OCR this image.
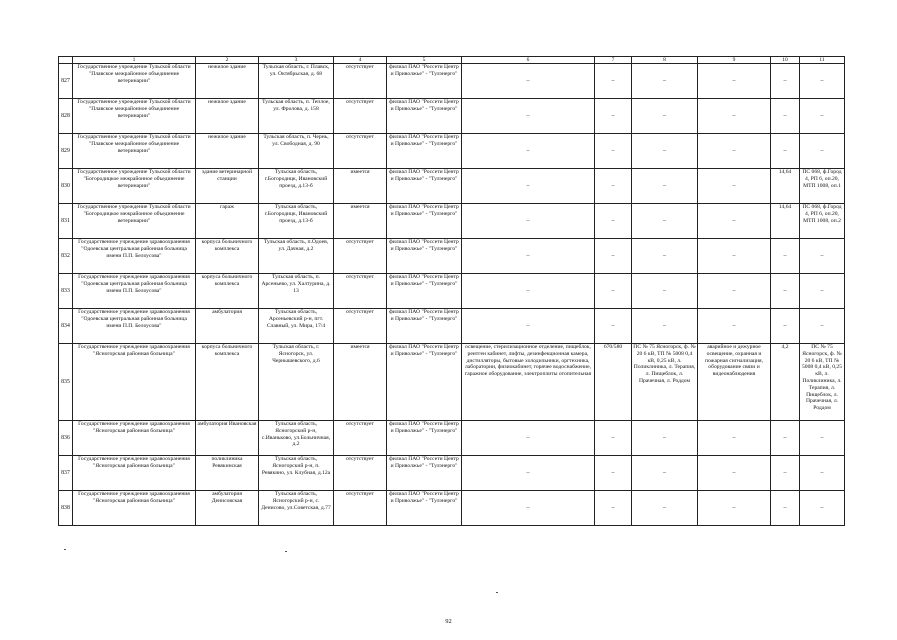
	1	2	3	4	5	6	7	8	9	10	11
827	Государственное учреждение Тульской области "Плавское межрайонное объединение ветеринарии"	нежилое здание	Тульская область, г. Плавск, ул. Октябрьская, д. 68	отсутствует	филиал ПАО "Россети Центр и Приволжье" - "Тулэнерго"	–	–	–	–	–	–
828	Государственное учреждение Тульской области "Плавское межрайонное объединение ветеринарии"	нежилое здание	Тульская область, п. Теплое, ул. Фролова, д. 158	отсутствует	филиал ПАО "Россети Центр и Приволжье" - "Тулэнерго"	–	–	–	–	–	–
829	Государственное учреждение Тульской области "Плавское межрайонное объединение ветеринарии"	нежилое здание	Тульская область, п. Чернь, ул. Свободная, д. 90	отсутствует	филиал ПАО "Россети Центр и Приволжье" - "Тулэнерго"	–	–	–	–	–	–
830	Государственное учреждение Тульской области "Богородицкое межрайонное объединение ветеринарии"	здание ветеринарной станции	Тульская область, г.Богородицк, Ивановский проезд, д.13-б	имеется	филиал ПАО "Россети Центр и Приволжье" - "Тулэнерго"	–	–	–	–	14,64	ПС 068, ф.Город 4, РП 6, оп.20, МТП 1008, оп.1
831	Государственное учреждение Тульской области "Богородицкое межрайонное объединение ветеринарии"	гараж	Тульская область, г.Богородицк, Ивановский проезд, д.13-б	имеется	филиал ПАО "Россети Центр и Приволжье" - "Тулэнерго"	–	–	–	–	14,64	ПС 068, ф.Город 4, РП 6, оп.20, МТП 1008, оп.2
832	Государственное учреждение здравоохранения "Одоевская центральная районная больница имени П.П. Белоусова"	корпуса больничного комплекса	Тульская область, п.Одоев, ул. Дачная, д.2	отсутствует	филиал ПАО "Россети Центр и Приволжье" - "Тулэнерго"	–	–	–	–	–	–
833	Государственное учреждение здравоохранения "Одоевская центральная районная больница имени П.П. Белоусова"	корпуса больничного комплекса	Тульская область, п. Арсеньево, ул. Халтурина, д. 13	отсутствует	филиал ПАО "Россети Центр и Приволжье" - "Тулэнерго"	–	–	–	–	–	–
834	Государственное учреждение здравоохранения "Одоевская центральная районная больница имени П.П. Белоусова"	амбулатория	Тульская область, Арсеньевский р-н, пгт. Славный, ул. Мира, 17/4	отсутствует	филиал ПАО "Россети Центр и Приволжье" - "Тулэнерго"	–	–	–	–	–	–
835	Государственное учреждение здравоохранения "Ясногорская районная больница"	корпуса больничного комплекса	Тульская область, г. Ясногорск, ул. Чернышевского, д.6	имеется	филиал ПАО "Россети Центр и Приволжье" - "Тулэнерго"	освещение, стерилизационное отделение, пищеблок, рентген кабинет, лифты, дезинфекционная камера, дистилляторы, бытовые холодильники, оргтехника, лаборатории, физиокабинет, горячее водоснабжение, гаражное оборудование, электроплиты отопительная	670/580	ПС № 75 Ясногорск, ф. № 20 6 кВ, ТП № 5008 0,4 кВ, 0,25 кВ, л. Поликлиника, л. Терапия, л. Пищеблок, л. Прачечная, л. Роддом	аварийное и дежурное освещение, охранная и пожарная сигнализация, оборудование связи и видеонаблюдения	4,2	ПС № 75 Ясногорск, ф. № 20 6 кВ, ТП № 5008 0,4 кВ, 0,25 кВ, л. Поликлиника, л. Терапия, л. Пищеблок, л. Прачечная, л. Роддом
836	Государственное учреждение здравоохранения "Ясногорская районная больница"	амбулатория Ивановская	Тульская область, Ясногорский р-н, с.Иваньково, ул.Больничная, д.2	отсутствует	филиал ПАО "Россети Центр и Приволжье" - "Тулэнерго"	–	–	–	–	–	–
837	Государственное учреждение здравоохранения "Ясногорская районная больница"	поликлиника Ревякинская	Тульская область, Ясногорский р-н, п. Ревякино, ул. Клубная, д.12а	отсутствует	филиал ПАО "Россети Центр и Приволжье" - "Тулэнерго"	–	–	–	–	–	–
838	Государственное учреждение здравоохранения "Ясногорская районная больница"	амбулатория Денисовская	Тульская область, Ясногорский р-н, с. Денисово, ул.Советская, д.77	отсутствует	филиал ПАО "Россети Центр и Приволжье" - "Тулэнерго"	–	–	–	–	–	–
92
